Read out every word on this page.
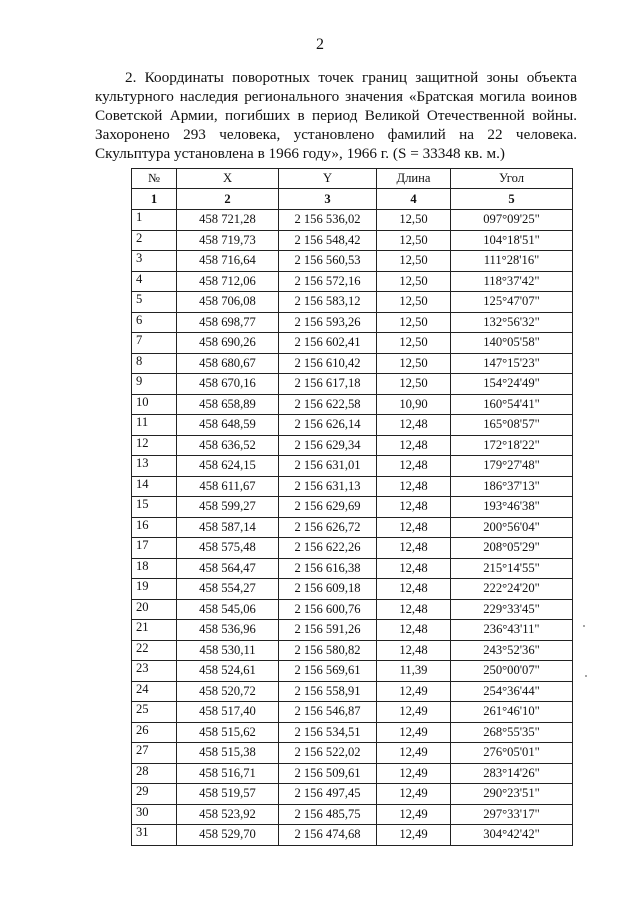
2
2. Координаты поворотных точек границ защитной зоны объекта культурного наследия регионального значения «Братская могила воинов Советской Армии, погибших в период Великой Отечественной войны. Захоронено 293 человека, установлено фамилий на 22 человека. Скульптура установлена в 1966 году», 1966 г. (S = 33348 кв. м.)
№	X	Y	Длина	Угол
1	2	3	4	5
1	458 721,28	2 156 536,02	12,50	097°09'25"
2	458 719,73	2 156 548,42	12,50	104°18'51"
3	458 716,64	2 156 560,53	12,50	111°28'16"
4	458 712,06	2 156 572,16	12,50	118°37'42"
5	458 706,08	2 156 583,12	12,50	125°47'07"
6	458 698,77	2 156 593,26	12,50	132°56'32"
7	458 690,26	2 156 602,41	12,50	140°05'58"
8	458 680,67	2 156 610,42	12,50	147°15'23"
9	458 670,16	2 156 617,18	12,50	154°24'49"
10	458 658,89	2 156 622,58	10,90	160°54'41"
11	458 648,59	2 156 626,14	12,48	165°08'57"
12	458 636,52	2 156 629,34	12,48	172°18'22"
13	458 624,15	2 156 631,01	12,48	179°27'48"
14	458 611,67	2 156 631,13	12,48	186°37'13"
15	458 599,27	2 156 629,69	12,48	193°46'38"
16	458 587,14	2 156 626,72	12,48	200°56'04"
17	458 575,48	2 156 622,26	12,48	208°05'29"
18	458 564,47	2 156 616,38	12,48	215°14'55"
19	458 554,27	2 156 609,18	12,48	222°24'20"
20	458 545,06	2 156 600,76	12,48	229°33'45"
21	458 536,96	2 156 591,26	12,48	236°43'11"
22	458 530,11	2 156 580,82	12,48	243°52'36"
23	458 524,61	2 156 569,61	11,39	250°00'07"
24	458 520,72	2 156 558,91	12,49	254°36'44"
25	458 517,40	2 156 546,87	12,49	261°46'10"
26	458 515,62	2 156 534,51	12,49	268°55'35"
27	458 515,38	2 156 522,02	12,49	276°05'01"
28	458 516,71	2 156 509,61	12,49	283°14'26"
29	458 519,57	2 156 497,45	12,49	290°23'51"
30	458 523,92	2 156 485,75	12,49	297°33'17"
31	458 529,70	2 156 474,68	12,49	304°42'42"
